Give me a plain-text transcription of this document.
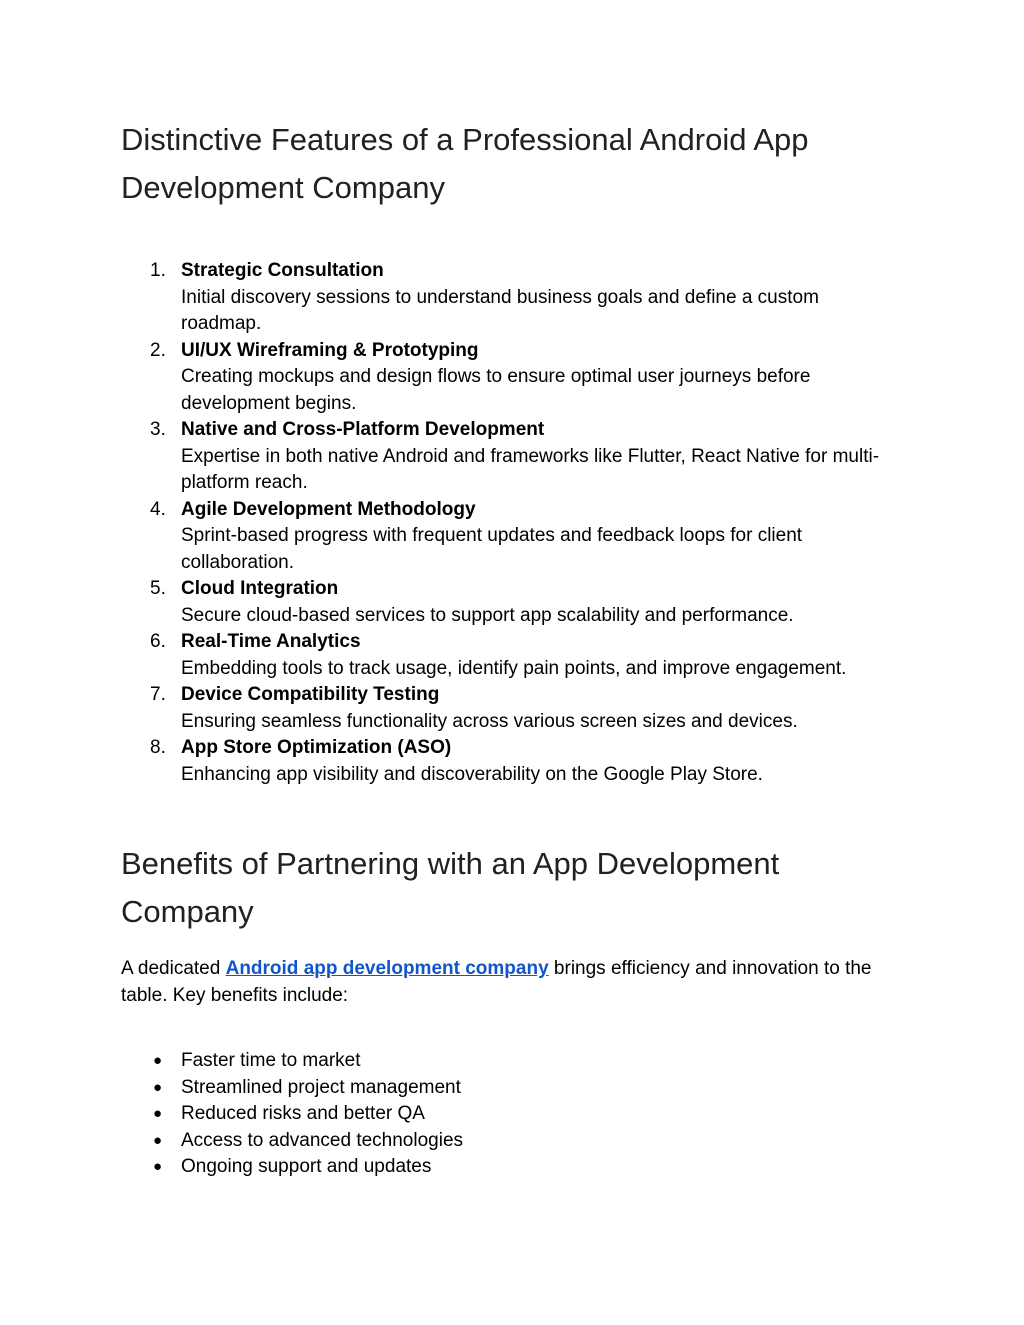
Distinctive Features of a Professional Android App Development Company
1. Strategic Consultation
Initial discovery sessions to understand business goals and define a custom roadmap.
2. UI/UX Wireframing & Prototyping
Creating mockups and design flows to ensure optimal user journeys before development begins.
3. Native and Cross-Platform Development
Expertise in both native Android and frameworks like Flutter, React Native for multi-platform reach.
4. Agile Development Methodology
Sprint-based progress with frequent updates and feedback loops for client collaboration.
5. Cloud Integration
Secure cloud-based services to support app scalability and performance.
6. Real-Time Analytics
Embedding tools to track usage, identify pain points, and improve engagement.
7. Device Compatibility Testing
Ensuring seamless functionality across various screen sizes and devices.
8. App Store Optimization (ASO)
Enhancing app visibility and discoverability on the Google Play Store.
Benefits of Partnering with an App Development Company

A dedicated Android app development company brings efficiency and innovation to the table. Key benefits include:

● Faster time to market
● Streamlined project management
● Reduced risks and better QA
● Access to advanced technologies
● Ongoing support and updates
